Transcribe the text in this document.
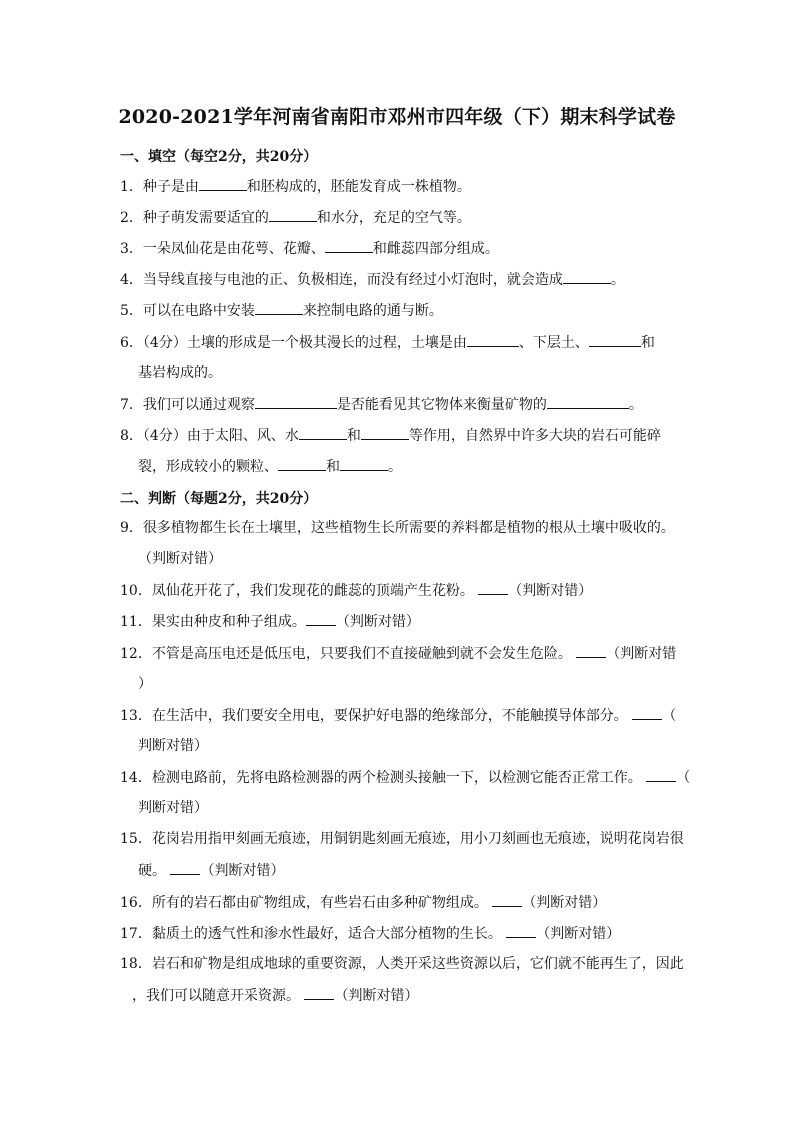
2020-2021学年河南省南阳市邓州市四年级（下）期末科学试卷
一、填空（每空2分，共20分）
1．种子是由	和胚构成的，胚能发育成一株植物。
2．种子萌发需要适宜的	和水分，充足的空气等。
3．一朵凤仙花是由花萼、花瓣、	和雌蕊四部分组成。
4．当导线直接与电池的正、负极相连，而没有经过小灯泡时，就会造成	。
5．可以在电路中安装	来控制电路的通与断。
6．（4分）土壤的形成是一个极其漫长的过程，土壤是由	、下层土、	和
基岩构成的。
7．我们可以通过观察	是否能看见其它物体来衡量矿物的	。
8．（4分）由于太阳、风、水	和	等作用，自然界中许多大块的岩石可能碎
裂，形成较小的颗粒、	和	。
二、判断（每题2分，共20分）
9．很多植物都生长在土壤里，这些植物生长所需要的养料都是植物的根从土壤中吸收的。
（判断对错）
10．凤仙花开花了，我们发现花的雌蕊的顶端产生花粉。 （判断对错）
11．果实由种皮和种子组成。 （判断对错）
12．不管是高压电还是低压电，只要我们不直接碰触到就不会发生危险。 （判断对错
）
13．在生活中，我们要安全用电，要保护好电器的绝缘部分，不能触摸导体部分。 （
判断对错）
14．检测电路前，先将电路检测器的两个检测头接触一下，以检测它能否正常工作。 （
判断对错）
15．花岗岩用指甲刻画无痕迹，用铜钥匙刻画无痕迹，用小刀刻画也无痕迹，说明花岗岩很
硬。 （判断对错）
16．所有的岩石都由矿物组成，有些岩石由多种矿物组成。 （判断对错）
17．黏质土的透气性和渗水性最好，适合大部分植物的生长。 （判断对错）
18．岩石和矿物是组成地球的重要资源，人类开采这些资源以后，它们就不能再生了，因此
，我们可以随意开采资源。 （判断对错）
